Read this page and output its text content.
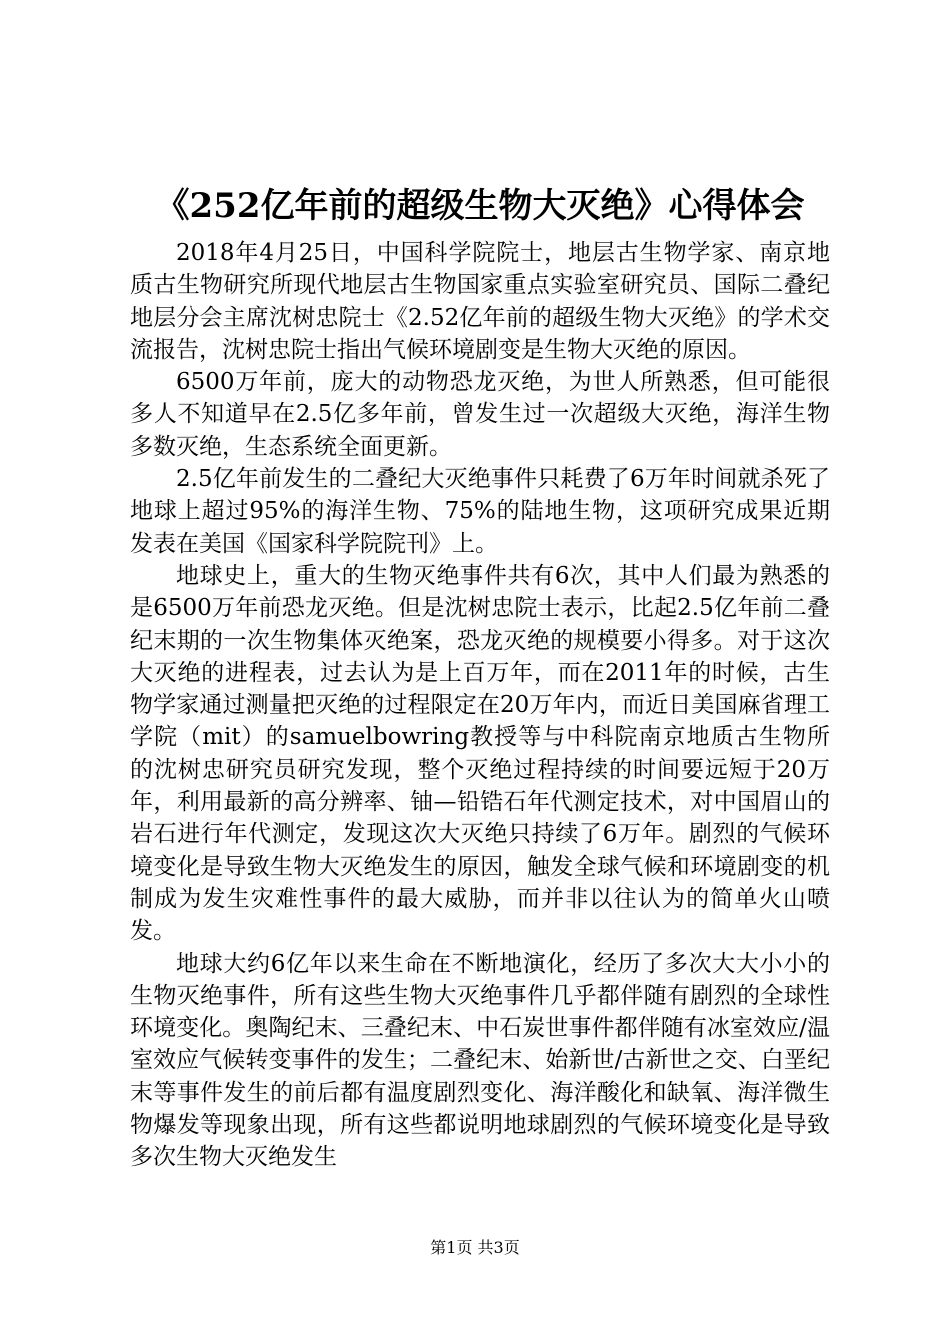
《252亿年前的超级生物大灭绝》心得体会

2018年4月25日，中国科学院院士，地层古生物学家、南京地质古生物研究所现代地层古生物国家重点实验室研究员、国际二叠纪地层分会主席沈树忠院士《2.52亿年前的超级生物大灭绝》的学术交流报告，沈树忠院士指出气候环境剧变是生物大灭绝的原因。

6500万年前，庞大的动物恐龙灭绝，为世人所熟悉，但可能很多人不知道早在2.5亿多年前，曾发生过一次超级大灭绝，海洋生物多数灭绝，生态系统全面更新。

2.5亿年前发生的二叠纪大灭绝事件只耗费了6万年时间就杀死了地球上超过95%的海洋生物、75%的陆地生物，这项研究成果近期发表在美国《国家科学院院刊》上。

地球史上，重大的生物灭绝事件共有6次，其中人们最为熟悉的是6500万年前恐龙灭绝。但是沈树忠院士表示，比起2.5亿年前二叠纪末期的一次生物集体灭绝案，恐龙灭绝的规模要小得多。对于这次大灭绝的进程表，过去认为是上百万年，而在2011年的时候，古生物学家通过测量把灭绝的过程限定在20万年内，而近日美国麻省理工学院（mit）的samuelbowring教授等与中科院南京地质古生物所的沈树忠研究员研究发现，整个灭绝过程持续的时间要远短于20万年，利用最新的高分辨率、铀—铅锆石年代测定技术，对中国眉山的岩石进行年代测定，发现这次大灭绝只持续了6万年。剧烈的气候环境变化是导致生物大灭绝发生的原因，触发全球气候和环境剧变的机制成为发生灾难性事件的最大威胁，而并非以往认为的简单火山喷发。

地球大约6亿年以来生命在不断地演化，经历了多次大大小小的生物灭绝事件，所有这些生物大灭绝事件几乎都伴随有剧烈的全球性环境变化。奥陶纪末、三叠纪末、中石炭世事件都伴随有冰室效应/温室效应气候转变事件的发生；二叠纪末、始新世/古新世之交、白垩纪末等事件发生的前后都有温度剧烈变化、海洋酸化和缺氧、海洋微生物爆发等现象出现，所有这些都说明地球剧烈的气候环境变化是导致多次生物大灭绝发生

第1页 共3页
